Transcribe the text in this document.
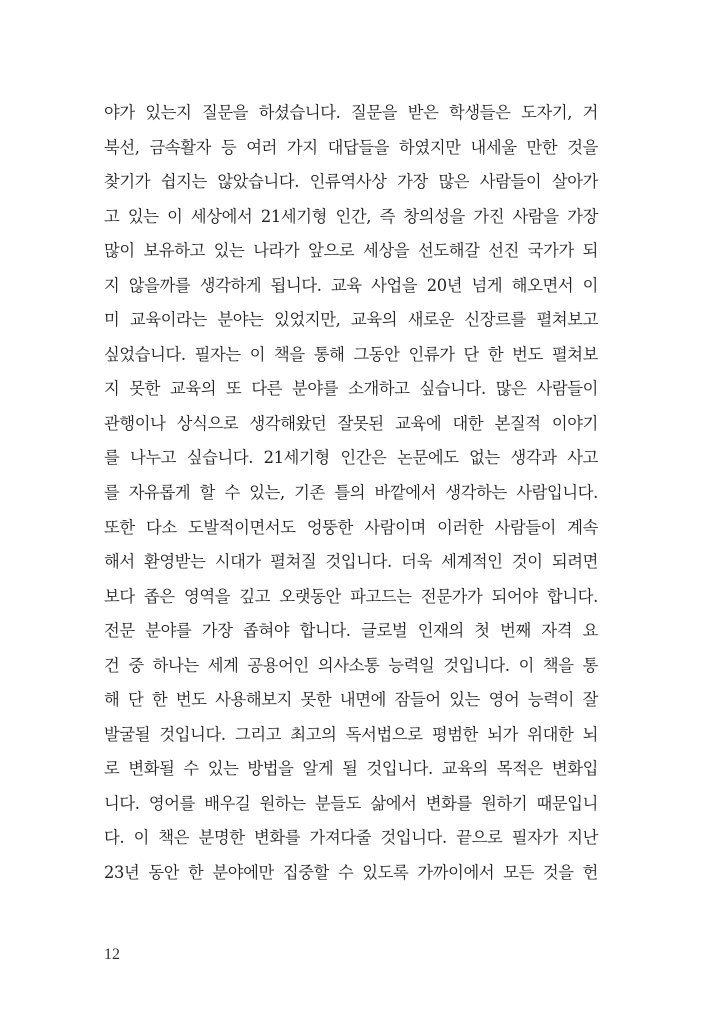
야가 있는지 질문을 하셨습니다. 질문을 받은 학생들은 도자기, 거
북선, 금속활자 등 여러 가지 대답들을 하였지만 내세울 만한 것을
찾기가 쉽지는 않았습니다. 인류역사상 가장 많은 사람들이 살아가
고 있는 이 세상에서 21세기형 인간, 즉 창의성을 가진 사람을 가장
많이 보유하고 있는 나라가 앞으로 세상을 선도해갈 선진 국가가 되
지 않을까를 생각하게 됩니다. 교육 사업을 20년 넘게 해오면서 이
미 교육이라는 분야는 있었지만, 교육의 새로운 신장르를 펼쳐보고
싶었습니다. 필자는 이 책을 통해 그동안 인류가 단 한 번도 펼쳐보
지 못한 교육의 또 다른 분야를 소개하고 싶습니다. 많은 사람들이
관행이나 상식으로 생각해왔던 잘못된 교육에 대한 본질적 이야기
를 나누고 싶습니다. 21세기형 인간은 논문에도 없는 생각과 사고
를 자유롭게 할 수 있는, 기존 틀의 바깥에서 생각하는 사람입니다.
또한 다소 도발적이면서도 엉뚱한 사람이며 이러한 사람들이 계속
해서 환영받는 시대가 펼쳐질 것입니다. 더욱 세계적인 것이 되려면
보다 좁은 영역을 깊고 오랫동안 파고드는 전문가가 되어야 합니다.
전문 분야를 가장 좁혀야 합니다. 글로벌 인재의 첫 번째 자격 요
건 중 하나는 세계 공용어인 의사소통 능력일 것입니다. 이 책을 통
해 단 한 번도 사용해보지 못한 내면에 잠들어 있는 영어 능력이 잘
발굴될 것입니다. 그리고 최고의 독서법으로 평범한 뇌가 위대한 뇌
로 변화될 수 있는 방법을 알게 될 것입니다. 교육의 목적은 변화입
니다. 영어를 배우길 원하는 분들도 삶에서 변화를 원하기 때문입니
다. 이 책은 분명한 변화를 가져다줄 것입니다. 끝으로 필자가 지난
23년 동안 한 분야에만 집중할 수 있도록 가까이에서 모든 것을 헌
12
